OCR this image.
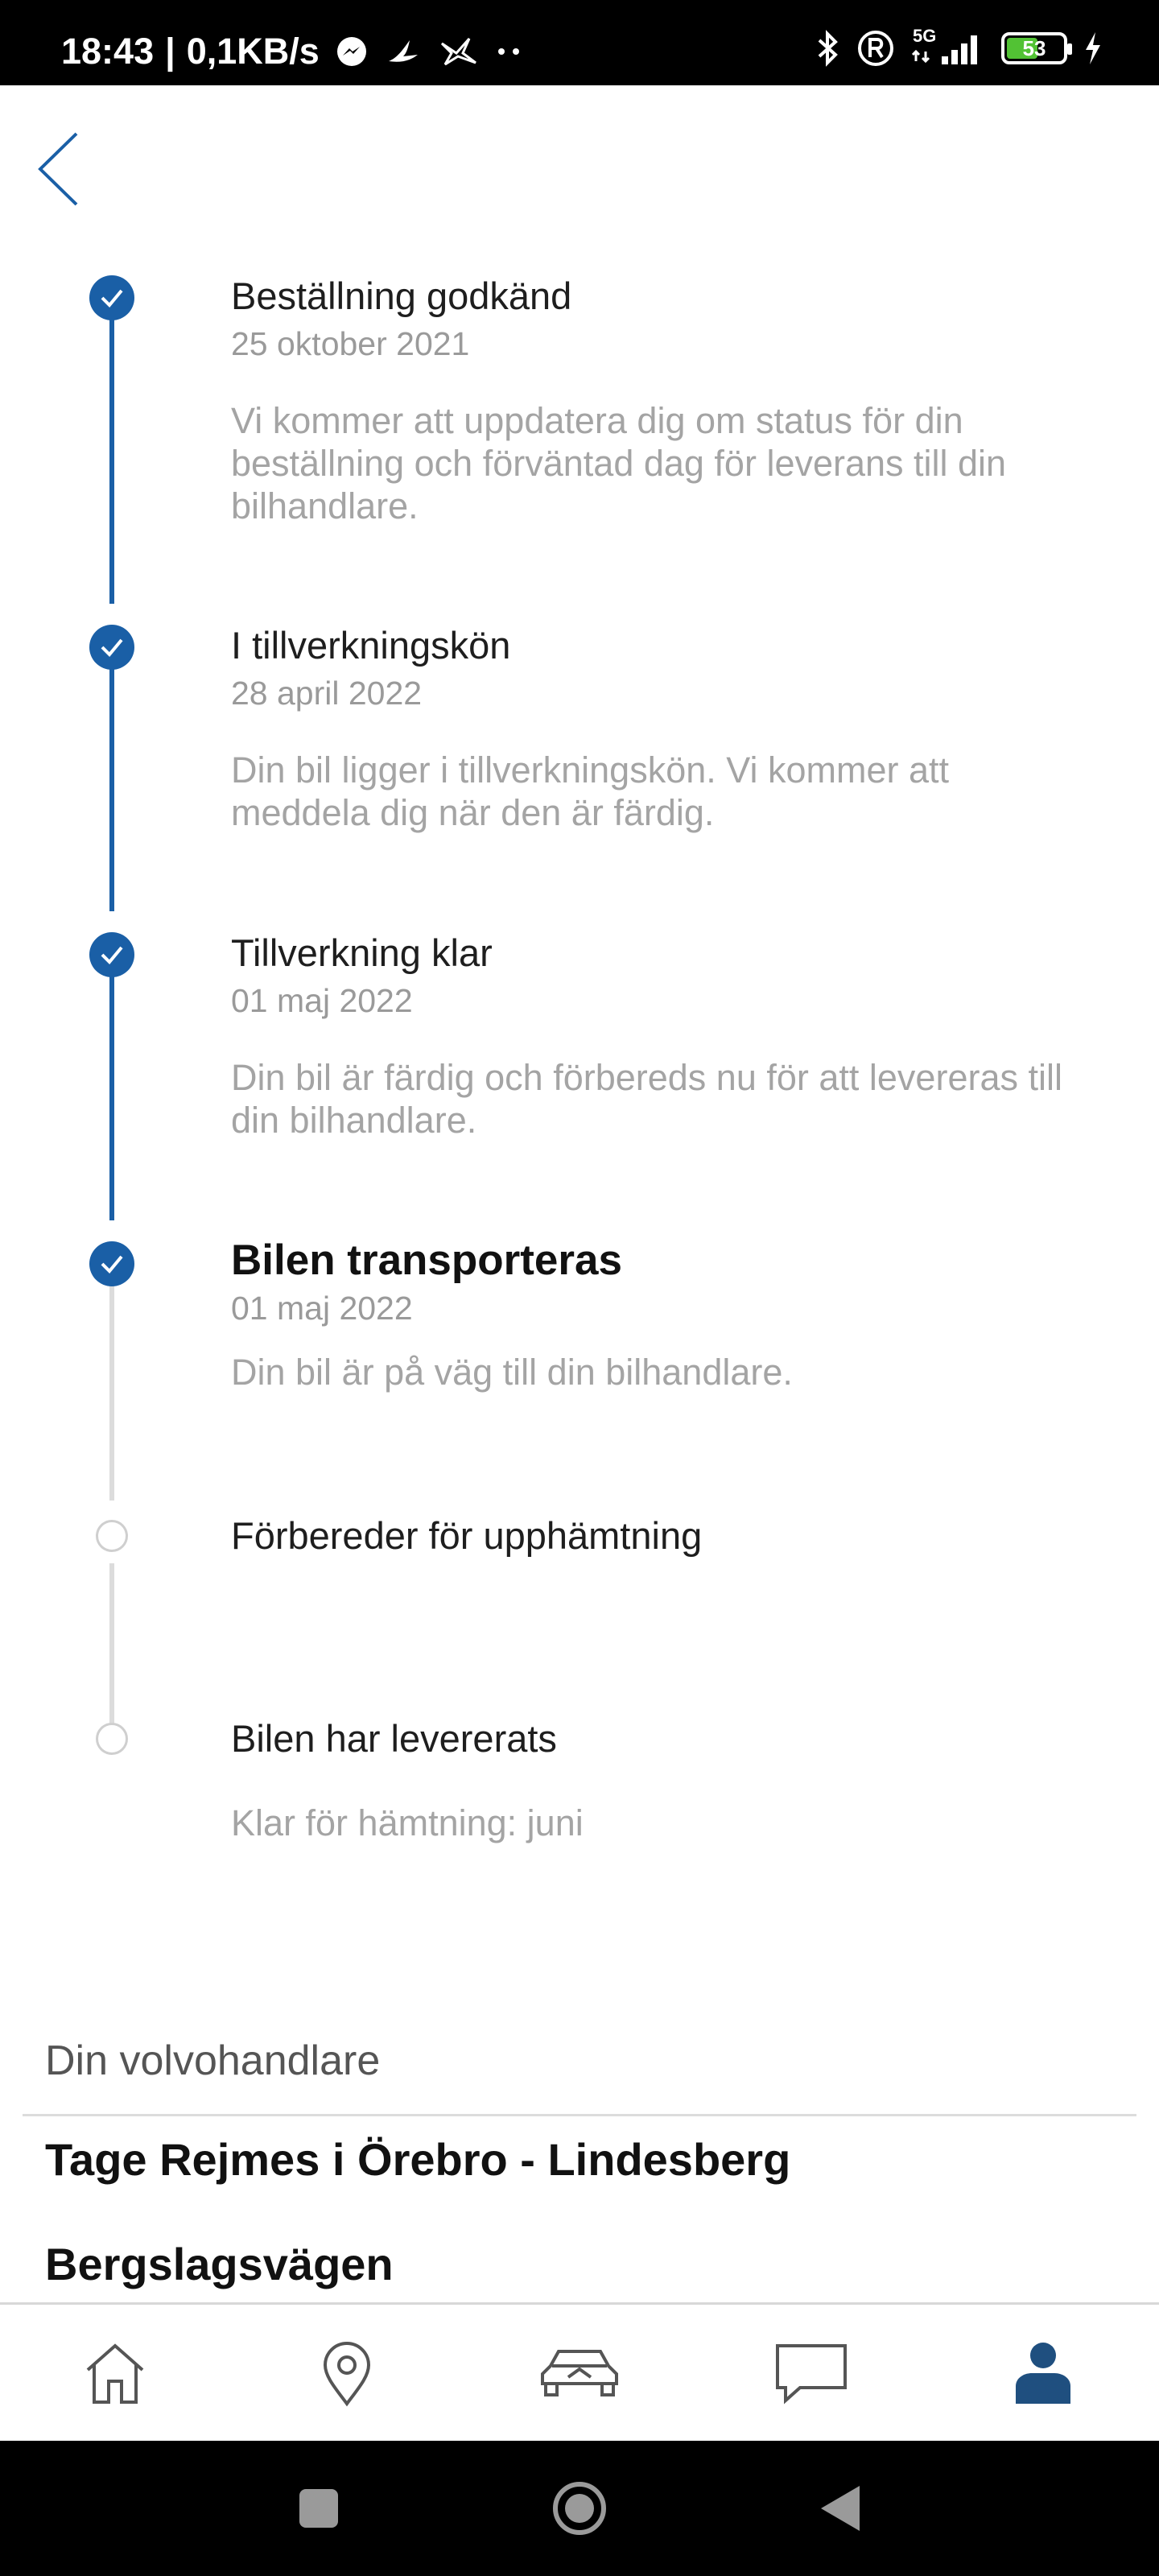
18:43 | 0,1KB/s	5G
53
Beställning godkänd
25 oktober 2021
Vi kommer att uppdatera dig om status för din beställning och förväntad dag för leverans till din bilhandlare.
I tillverkningskön
28 april 2022
Din bil ligger i tillverkningskön. Vi kommer att meddela dig när den är färdig.
Tillverkning klar
01 maj 2022
Din bil är färdig och förbereds nu för att levereras till din bilhandlare.
Bilen transporteras
01 maj 2022
Din bil är på väg till din bilhandlare.
Förbereder för upphämtning
Bilen har levererats
Klar för hämtning: juni
Din volvohandlare
Tage Rejmes i Örebro - Lindesberg
Bergslagsvägen
